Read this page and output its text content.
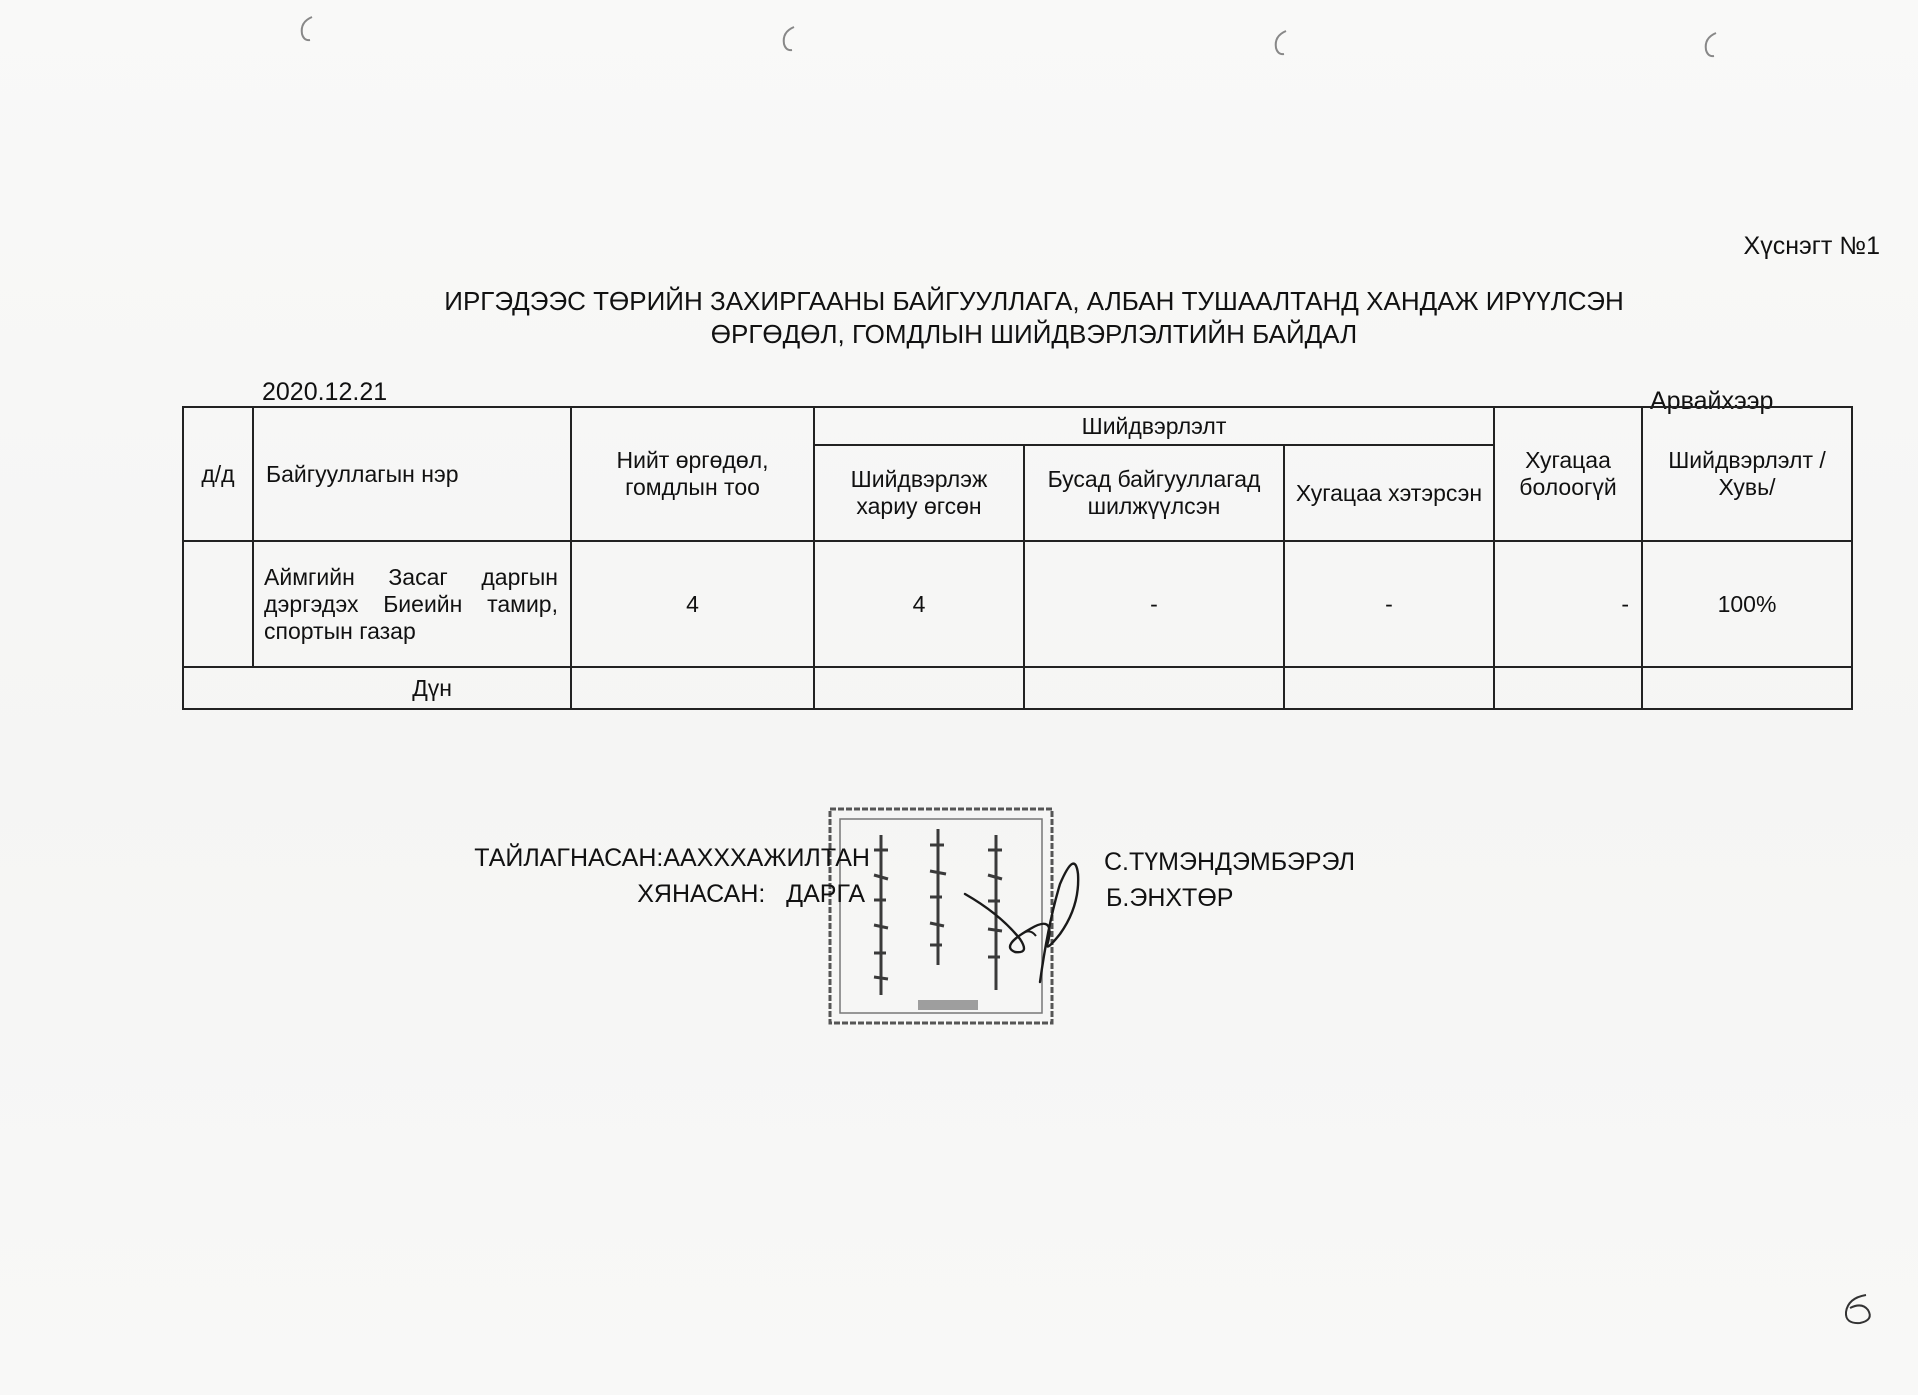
Хүснэгт №1
ИРГЭДЭЭС ТӨРИЙН ЗАХИРГААНЫ БАЙГУУЛЛАГА, АЛБАН ТУШААЛТАНД ХАНДАЖ ИРҮҮЛСЭН
ӨРГӨДӨЛ, ГОМДЛЫН ШИЙДВЭРЛЭЛТИЙН БАЙДАЛ
2020.12.21	Арвайхээр
д/д	Байгууллагын нэр	Нийт өргөдөл, гомдлын тоо	Шийдвэрлэлт			Хугацаа болоогүй	Шийдвэрлэлт /Хувь/
			Шийдвэрлэж хариу өгсөн	Бусад байгууллагад шилжүүлсэн	Хугацаа хэтэрсэн		
	Аймгийн Засаг даргын дэргэдэх Биеийн тамир, спортын газар	4	4	-	-	-	100%
Дүн							
ТАЙЛАГНАСАН:ААХХХАЖИЛТАН	С.ТҮМЭНДЭМБЭРЭЛ
ХЯНАСАН:   ДАРГА	Б.ЭНХТӨР
